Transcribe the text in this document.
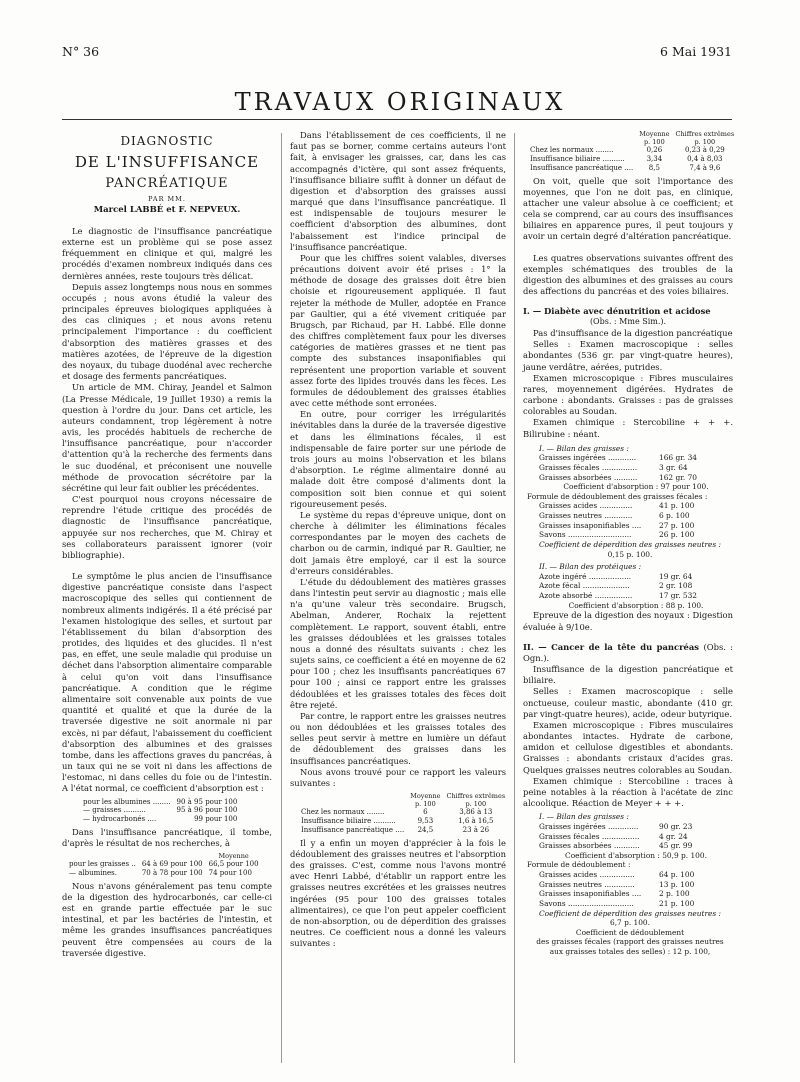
N° 36	6 Mai 1931
TRAVAUX ORIGINAUX
DIAGNOSTIC
DE L'INSUFFISANCE
PANCRÉATIQUE
PAR MM.
Marcel LABBÉ et F. NEPVEUX.

Le diagnostic de l'insuffisance pancréatique externe est un problème qui se pose assez fréquemment en clinique et qui, malgré les procédés d'examen nombreux indiqués dans ces dernières années, reste toujours très délicat.

Depuis assez longtemps nous nous en sommes occupés ; nous avons étudié la valeur des principales épreuves biologiques appliquées à des cas cliniques ; et nous avons retenu principalement l'importance : du coefficient d'absorption des matières grasses et des matières azotées, de l'épreuve de la digestion des noyaux, du tubage duodénal avec recherche et dosage des ferments pancréatiques.

Un article de MM. Chiray, Jeandel et Salmon (La Presse Médicale, 19 Juillet 1930) a remis la question à l'ordre du jour. Dans cet article, les auteurs condamnent, trop légèrement à notre avis, les procédés habituels de recherche de l'insuffisance pancréatique, pour n'accorder d'attention qu'à la recherche des ferments dans le suc duodénal, et préconisent une nouvelle méthode de provocation sécrétoire par la sécrétine qui leur fait oublier les précédentes.

C'est pourquoi nous croyons nécessaire de reprendre l'étude critique des procédés de diagnostic de l'insuffisance pancréatique, appuyée sur nos recherches, que M. Chiray et ses collaborateurs paraissent ignorer (voir bibliographie).

Le symptôme le plus ancien de l'insuffisance digestive pancréatique consiste dans l'aspect macroscopique des selles qui contiennent de nombreux aliments indigérés. Il a été précisé par l'examen histologique des selles, et surtout par l'établissement du bilan d'absorption des protides, des liquides et des glucides. Il n'est pas, en effet, une seule maladie qui produise un déchet dans l'absorption alimentaire comparable à celui qu'on voit dans l'insuffisance pancréatique. A condition que le régime alimentaire soit convenable aux points de vue quantité et qualité et que la durée de la traversée digestive ne soit anormale ni par excès, ni par défaut, l'abaissement du coefficient d'absorption des albumines et des graisses tombe, dans les affections graves du pancréas, à un taux qui ne se voit ni dans les affections de l'estomac, ni dans celles du foie ou de l'intestin. A l'état normal, ce coefficient d'absorption est :

pour les albumines ........	90 à 95 pour 100
— graisses ..........	95 à 96 pour 100
— hydrocarbonés ....	99 pour 100

Dans l'insuffisance pancréatique, il tombe, d'après le résultat de nos recherches, à

		Moyenne
pour les graisses ..	64 à 69 pour 100	66,5 pour 100
— albumines.	70 à 78 pour 100	74 pour 100

Nous n'avons généralement pas tenu compte de la digestion des hydrocarbonés, car celle-ci est en grande partie effectuée par le suc intestinal, et par les bactéries de l'intestin, et même les grandes insuffisances pancréatiques peuvent être compensées au cours de la traversée digestive.

Dans l'établissement de ces coefficients, il ne faut pas se borner, comme certains auteurs l'ont fait, à envisager les graisses, car, dans les cas accompagnés d'ictère, qui sont assez fréquents, l'insuffisance biliaire suffit à donner un défaut de digestion et d'absorption des graisses aussi marqué que dans l'insuffisance pancréatique. Il est indispensable de toujours mesurer le coefficient d'absorption des albumines, dont l'abaissement est l'indice principal de l'insuffisance pancréatique.

Pour que les chiffres soient valables, diverses précautions doivent avoir été prises : 1° la méthode de dosage des graisses doit être bien choisie et rigoureusement appliquée. Il faut rejeter la méthode de Muller, adoptée en France par Gaultier, qui a été vivement critiquée par Brugsch, par Richaud, par H. Labbé. Elle donne des chiffres complètement faux pour les diverses catégories de matières grasses et ne tient pas compte des substances insaponifiables qui représentent une proportion variable et souvent assez forte des lipides trouvés dans les fèces. Les formules de dédoublement des graisses établies avec cette méthode sont erronées.

En outre, pour corriger les irrégularités inévitables dans la durée de la traversée digestive et dans les éliminations fécales, il est indispensable de faire porter sur une période de trois jours au moins l'observation et les bilans d'absorption. Le régime alimentaire donné au malade doit être composé d'aliments dont la composition soit bien connue et qui soient rigoureusement pesés.

Le système du repas d'épreuve unique, dont on cherche à délimiter les éliminations fécales correspondantes par le moyen des cachets de charbon ou de carmin, indiqué par R. Gaultier, ne doit jamais être employé, car il est la source d'erreurs considérables.

L'étude du dédoublement des matières grasses dans l'intestin peut servir au diagnostic ; mais elle n'a qu'une valeur très secondaire. Brugsch, Abelman, Anderer, Rochaix la rejettent complètement. Le rapport, souvent établi, entre les graisses dédoublées et les graisses totales nous a donné des résultats suivants : chez les sujets sains, ce coefficient a été en moyenne de 62 pour 100 ; chez les insuffisants pancréatiques 67 pour 100 ; ainsi ce rapport entre les graisses dédoublées et les graisses totales des fèces doit être rejeté.

Par contre, le rapport entre les graisses neutres ou non dédoublées et les graisses totales des selles peut servir à mettre en lumière un défaut de dédoublement des graisses dans les insuffisances pancréatiques.

Nous avons trouvé pour ce rapport les valeurs suivantes :

	Moyenne	Chiffres extrêmes
	p. 100	p. 100
Chez les normaux ........	6	3,86 à 13
Insuffisance biliaire ..........	9,53	1,6 à 16,5
Insuffisance pancréatique ....	24,5	23 à 26

Il y a enfin un moyen d'apprécier à la fois le dédoublement des graisses neutres et l'absorption des graisses. C'est, comme nous l'avons montré avec Henri Labbé, d'établir un rapport entre les graisses neutres excrétées et les graisses neutres ingérées (95 pour 100 des graisses totales alimentaires), ce que l'on peut appeler coefficient de non-absorption, ou de déperdition des graisses neutres. Ce coefficient nous a donné les valeurs suivantes :

	Moyenne	Chiffres extrêmes
	p. 100	p. 100
Chez les normaux ........	0,26	0,23 à 0,29
Insuffisance biliaire ..........	3,34	0,4 à 8,03
Insuffisance pancréatique ....	8,5	7,4 à 9,6

On voit, quelle que soit l'importance des moyennes, que l'on ne doit pas, en clinique, attacher une valeur absolue à ce coefficient; et cela se comprend, car au cours des insuffisances biliaires en apparence pures, il peut toujours y avoir un certain degré d'altération pancréatique.

Les quatres observations suivantes offrent des exemples schématiques des troubles de la digestion des albumines et des graisses au cours des affections du pancréas et des voies biliaires.

I. — Diabète avec dénutrition et acidose
(Obs. : Mme Sim.).

Pas d'insuffisance de la digestion pancréatique

Selles : Examen macroscopique : selles abondantes (536 gr. par vingt-quatre heures), jaune verdâtre, aérées, putrides.

Examen microscopique : Fibres musculaires rares, moyennement digérées. Hydrates de carbone : abondants. Graisses : pas de graisses colorables au Soudan.

Examen chimique : Stercobiline + + +. Bilirubine : néant.

I. — Bilan des graisses :
Graisses ingérées ............	166 gr. 34
Graisses fécales ...............	3 gr. 64
Graisses absorbées ..........	162 gr. 70
Coefficient d'absorption : 97 pour 100.
Formule de dédoublement des graisses fécales :
Graisses acides ..............	41 p. 100
Graisses neutres ............	6 p. 100
Graisses insaponifiables ....	27 p. 100
Savons ...........................	26 p. 100
Coefficient de déperdition des graisses neutres :
0,15 p. 100.
II. — Bilan des protéiques :
Azote ingéré ..................	19 gr. 64
Azote fécal ....................	2 gr. 108
Azote absorbé ................	17 gr. 532
Coefficient d'absorption : 88 p. 100.

Epreuve de la digestion des noyaux : Digestion évaluée à 9/10e.

II. — Cancer de la tête du pancréas (Obs. : Ogn.).

Insuffisance de la digestion pancréatique et biliaire.

Selles : Examen macroscopique : selle onctueuse, couleur mastic, abondante (410 gr. par vingt-quatre heures), acide, odeur butyrique.

Examen microscopique : Fibres musculaires abondantes intactes. Hydrate de carbone, amidon et cellulose digestibles et abondants. Graisses : abondants cristaux d'acides gras. Quelques graisses neutres colorables au Soudan.

Examen chimique : Stercobiline : traces à peine notables à la réaction à l'acétate de zinc alcoolique. Réaction de Meyer + + +.

I. — Bilan des graisses :
Graisses ingérées .............	90 gr. 23
Graisses fécales ................	4 gr. 24
Graisses absorbées ...........	45 gr. 99
Coefficient d'absorption : 50,9 p. 100.
Formule de dédoublement :
Graisses acides ...............	64 p. 100
Graisses neutres .............	13 p. 100
Graisses insaponifiables ....	2 p. 100
Savons ............................	21 p. 100
Coefficient de déperdition des graisses neutres :
6,7 p. 100.
Coefficient de dédoublement
des graisses fécales (rapport des graisses neutres
aux graisses totales des selles) : 12 p. 100,
